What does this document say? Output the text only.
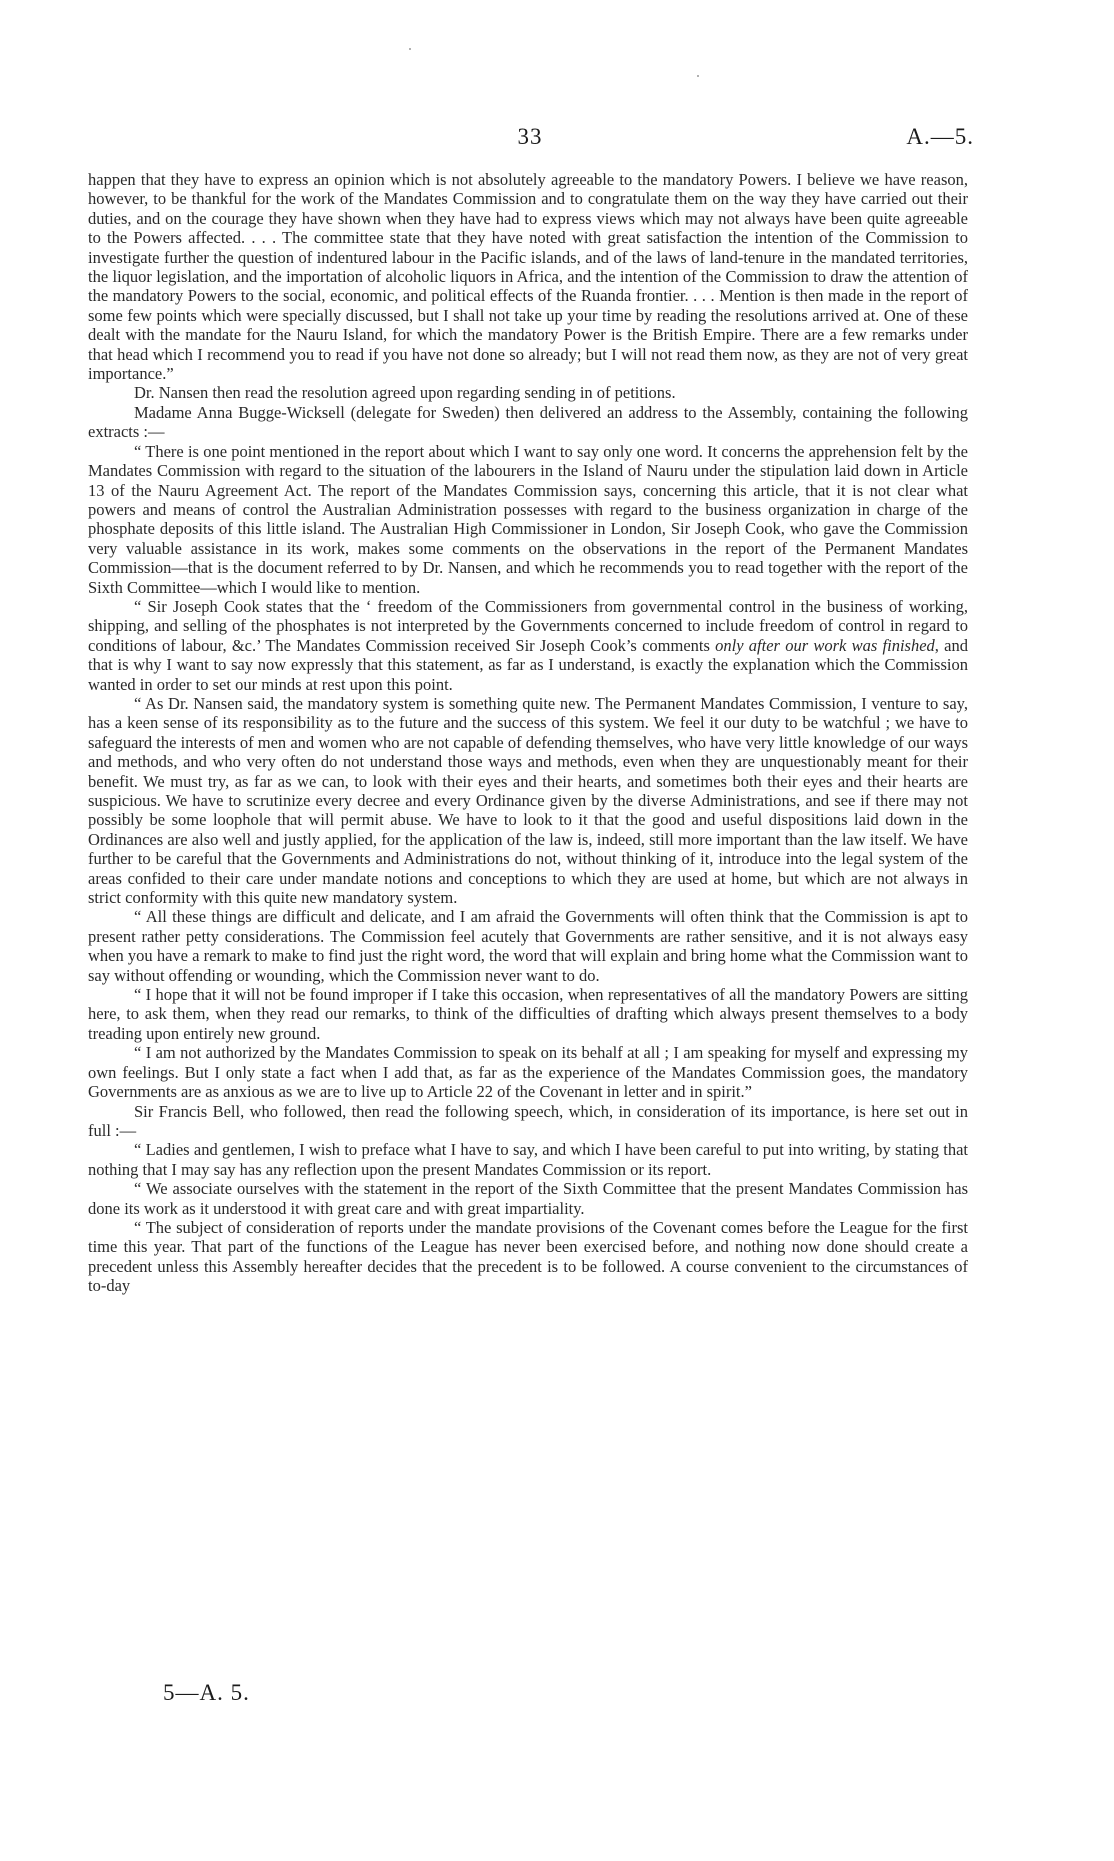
33	A.—5.

happen that they have to express an opinion which is not absolutely agreeable to the mandatory Powers. I believe we have reason, however, to be thankful for the work of the Mandates Commission and to congratulate them on the way they have carried out their duties, and on the courage they have shown when they have had to express views which may not always have been quite agreeable to the Powers affected. . . . The committee state that they have noted with great satisfaction the intention of the Commission to investigate further the question of indentured labour in the Pacific islands, and of the laws of land-tenure in the mandated territories, the liquor legislation, and the importation of alcoholic liquors in Africa, and the intention of the Commission to draw the attention of the mandatory Powers to the social, economic, and political effects of the Ruanda frontier. . . . Mention is then made in the report of some few points which were specially discussed, but I shall not take up your time by reading the resolutions arrived at. One of these dealt with the mandate for the Nauru Island, for which the mandatory Power is the British Empire. There are a few remarks under that head which I recommend you to read if you have not done so already; but I will not read them now, as they are not of very great importance.”

Dr. Nansen then read the resolution agreed upon regarding sending in of petitions.

Madame Anna Bugge-Wicksell (delegate for Sweden) then delivered an address to the Assembly, containing the following extracts :—

“ There is one point mentioned in the report about which I want to say only one word. It concerns the apprehension felt by the Mandates Commission with regard to the situation of the labourers in the Island of Nauru under the stipulation laid down in Article 13 of the Nauru Agreement Act. The report of the Mandates Commission says, concerning this article, that it is not clear what powers and means of control the Australian Administration possesses with regard to the business organization in charge of the phosphate deposits of this little island. The Australian High Commissioner in London, Sir Joseph Cook, who gave the Commission very valuable assistance in its work, makes some comments on the observations in the report of the Permanent Mandates Commission—that is the document referred to by Dr. Nansen, and which he recommends you to read together with the report of the Sixth Committee—which I would like to mention.

“ Sir Joseph Cook states that the ‘ freedom of the Commissioners from governmental control in the business of working, shipping, and selling of the phosphates is not interpreted by the Governments concerned to include freedom of control in regard to conditions of labour, &c.’ The Mandates Commission received Sir Joseph Cook’s comments only after our work was finished, and that is why I want to say now expressly that this statement, as far as I understand, is exactly the explanation which the Commission wanted in order to set our minds at rest upon this point.

“ As Dr. Nansen said, the mandatory system is something quite new. The Permanent Mandates Commission, I venture to say, has a keen sense of its responsibility as to the future and the success of this system. We feel it our duty to be watchful ; we have to safeguard the interests of men and women who are not capable of defending themselves, who have very little knowledge of our ways and methods, and who very often do not understand those ways and methods, even when they are unquestionably meant for their benefit. We must try, as far as we can, to look with their eyes and their hearts, and sometimes both their eyes and their hearts are suspicious. We have to scrutinize every decree and every Ordinance given by the diverse Administrations, and see if there may not possibly be some loophole that will permit abuse. We have to look to it that the good and useful dispositions laid down in the Ordinances are also well and justly applied, for the application of the law is, indeed, still more important than the law itself. We have further to be careful that the Governments and Administrations do not, without thinking of it, introduce into the legal system of the areas confided to their care under mandate notions and conceptions to which they are used at home, but which are not always in strict conformity with this quite new mandatory system.

“ All these things are difficult and delicate, and I am afraid the Governments will often think that the Commission is apt to present rather petty considerations. The Commission feel acutely that Governments are rather sensitive, and it is not always easy when you have a remark to make to find just the right word, the word that will explain and bring home what the Commission want to say without offending or wounding, which the Commission never want to do.

“ I hope that it will not be found improper if I take this occasion, when representatives of all the mandatory Powers are sitting here, to ask them, when they read our remarks, to think of the difficulties of drafting which always present themselves to a body treading upon entirely new ground.

“ I am not authorized by the Mandates Commission to speak on its behalf at all ; I am speaking for myself and expressing my own feelings. But I only state a fact when I add that, as far as the experience of the Mandates Commission goes, the mandatory Governments are as anxious as we are to live up to Article 22 of the Covenant in letter and in spirit.”

Sir Francis Bell, who followed, then read the following speech, which, in consideration of its importance, is here set out in full :—

“ Ladies and gentlemen, I wish to preface what I have to say, and which I have been careful to put into writing, by stating that nothing that I may say has any reflection upon the present Mandates Commission or its report.

“ We associate ourselves with the statement in the report of the Sixth Committee that the present Mandates Commission has done its work as it understood it with great care and with great impartiality.

“ The subject of consideration of reports under the mandate provisions of the Covenant comes before the League for the first time this year. That part of the functions of the League has never been exercised before, and nothing now done should create a precedent unless this Assembly hereafter decides that the precedent is to be followed. A course convenient to the circumstances of to-day

5—A. 5.
